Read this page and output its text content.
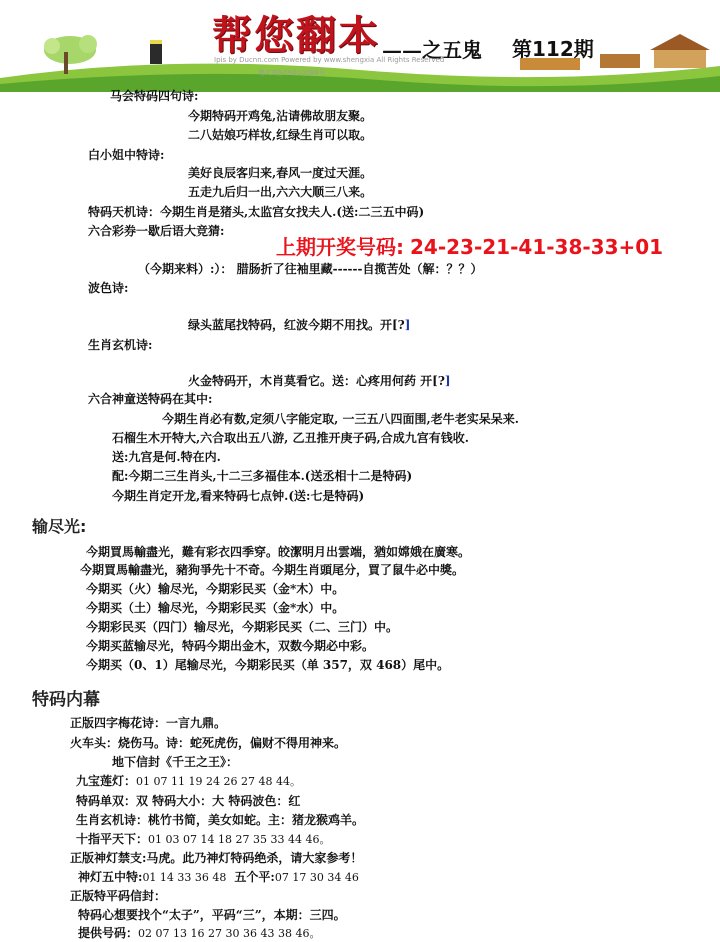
帮您翻本 ——之五鬼 第112期
Ipis by Ducnn.com Powered by www.shengxia All Rights Reserved
粤ICP备09000088号
马会特码四句诗:
今期特码开鸡兔,沾请佛故朋友聚。
二八姑娘巧样妆,红绿生肖可以取。
白小姐中特诗:
美好良辰客归来,春风一度过天涯。
五走九后归一出,六六大顺三八来。
特码天机诗：今期生肖是猪头,太监宫女找夫人.(送:二三五中码)
六合彩券一歇后语大竞猜:
上期开奖号码: 24-23-21-41-38-33+01
（今期来料）:）： 腊肠折了往袖里藏------自揽苦处（解：？？）
波色诗:
绿头蓝尾找特码，红波今期不用找。开[?]
生肖玄机诗:
火金特码开，木肖莫看它。送：心疼用何药 开[?]
六合神童送特码在其中:
今期生肖必有数,定须八字能定取, 一三五八四面围,老牛老实呆呆来.
石榴生木开特大,六合取出五八游, 乙丑推开庚子码,合成九宫有钱收.
送:九宫是何.特在内.
配:今期二三生肖头,十二三多福佳本.(送丞相十二是特码)
今期生肖定开龙,看来特码七点钟.(送:七是特码)
输尽光:
今期買馬輸盡光，難有彩衣四季穿。皎潔明月出雲端，猶如嫦娥在廣寒。
今期買馬輸盡光，豬狗爭先十不奇。今期生肖頭尾分，買了鼠牛必中獎。
今期买（火）输尽光，今期彩民买（金*木）中。
今期买（土）输尽光，今期彩民买（金*水）中。
今期彩民买（四门）输尽光，今期彩民买（二、三门）中。
今期买蓝输尽光，特码今期出金木，双数今期必中彩。
今期买（0、1）尾输尽光，今期彩民买（单 357，双 468）尾中。
特码内幕
正版四字梅花诗：一言九鼎。
火车头：烧伤马。诗：蛇死虎伤，偏财不得用神来。
地下信封《千王之王》：
九宝莲灯：01 07 11 19 24 26 27 48 44。
特码单双：双 特码大小：大 特码波色：红
生肖玄机诗：桃竹书简，美女如蛇。主：猪龙猴鸡羊。
十指平天下：01 03 07 14 18 27 35 33 44 46。
正版神灯禁支:马虎。此乃神灯特码绝杀，请大家参考！
神灯五中特:01 14 33 36 48 五个平:07 17 30 34 46
正版特平码信封：
特码心想要找个“太子”，平码“三”，本期：三四。
提供号码：02 07 13 16 27 30 36 43 38 46。
